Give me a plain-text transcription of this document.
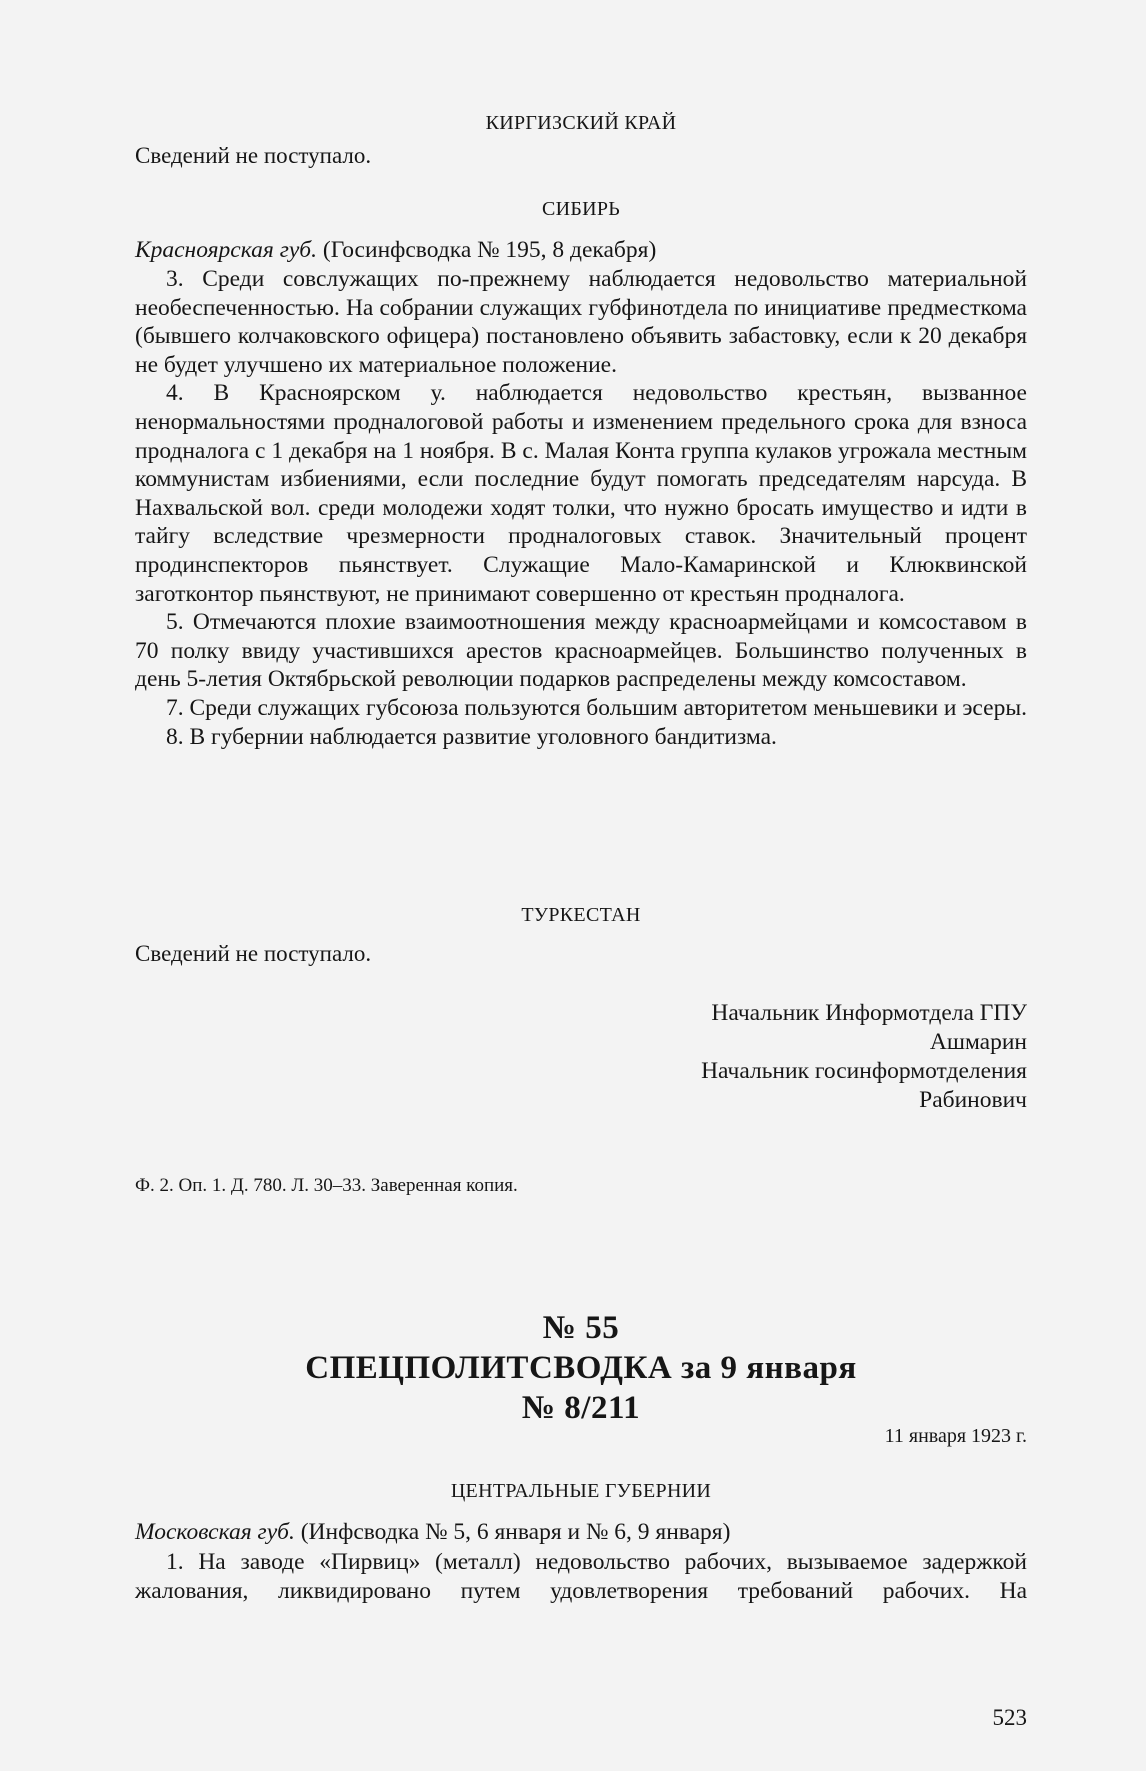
КИРГИЗСКИЙ КРАЙ
Сведений не поступало.
СИБИРЬ
Красноярская губ. (Госинфсводка № 195, 8 декабря)

3. Среди совслужащих по-прежнему наблюдается недовольство материальной необеспеченностью. На собрании служащих губфинотдела по инициативе предместкома (бывшего колчаковского офицера) постановлено объявить забастовку, если к 20 декабря не будет улучшено их материальное положение.

4. В Красноярском у. наблюдается недовольство крестьян, вызванное ненормальностями продналоговой работы и изменением предельного срока для взноса продналога с 1 декабря на 1 ноября. В с. Малая Конта группа кулаков угрожала местным коммунистам избиениями, если последние будут помогать председателям нарсуда. В Нахвальской вол. среди молодежи ходят толки, что нужно бросать имущество и идти в тайгу вследствие чрезмерности продналоговых ставок. Значительный процент продинспекторов пьянствует. Служащие Мало-Камаринской и Клюквинской заготконтор пьянствуют, не принимают совершенно от крестьян продналога.

5. Отмечаются плохие взаимоотношения между красноармейцами и комсоставом в 70 полку ввиду участившихся арестов красноармейцев. Большинство полученных в день 5-летия Октябрьской революции подарков распределены между комсоставом.

7. Среди служащих губсоюза пользуются большим авторитетом меньшевики и эсеры.

8. В губернии наблюдается развитие уголовного бандитизма.

ТУРКЕСТАН
Сведений не поступало.
Начальник Информотдела ГПУ
Ашмарин
Начальник госинформотделения
Рабинович
Ф. 2. Оп. 1. Д. 780. Л. 30–33. Заверенная копия.
№ 55
СПЕЦПОЛИТСВОДКА за 9 января
№ 8/211
11 января 1923 г.
ЦЕНТРАЛЬНЫЕ ГУБЕРНИИ
Московская губ. (Инфсводка № 5, 6 января и № 6, 9 января)

1. На заводе «Пирвиц» (металл) недовольство рабочих, вызываемое задержкой жалования, ликвидировано путем удовлетворения требований рабочих. На

523
